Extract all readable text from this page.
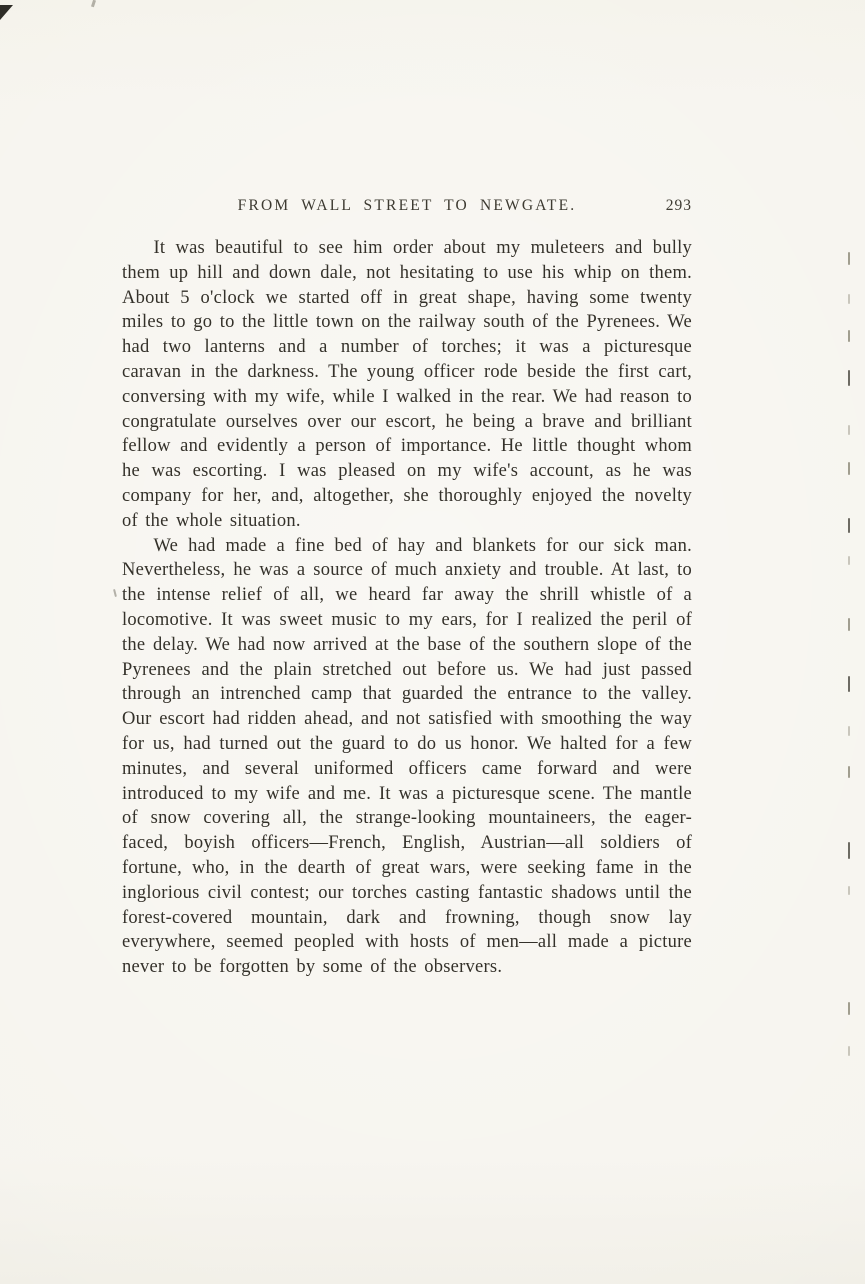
FROM WALL STREET TO NEWGATE.	293

It was beautiful to see him order about my muleteers and bully them up hill and down dale, not hesitating to use his whip on them. About 5 o'clock we started off in great shape, having some twenty miles to go to the little town on the railway south of the Pyrenees. We had two lanterns and a number of torches; it was a picturesque caravan in the darkness. The young officer rode beside the first cart, conversing with my wife, while I walked in the rear. We had reason to congratulate ourselves over our escort, he being a brave and brilliant fellow and evidently a person of importance. He little thought whom he was escorting. I was pleased on my wife's account, as he was company for her, and, altogether, she thoroughly enjoyed the novelty of the whole situation.

We had made a fine bed of hay and blankets for our sick man. Nevertheless, he was a source of much anxiety and trouble. At last, to the intense relief of all, we heard far away the shrill whistle of a locomotive. It was sweet music to my ears, for I realized the peril of the delay. We had now arrived at the base of the southern slope of the Pyrenees and the plain stretched out before us. We had just passed through an intrenched camp that guarded the entrance to the valley. Our escort had ridden ahead, and not satisfied with smoothing the way for us, had turned out the guard to do us honor. We halted for a few minutes, and several uniformed officers came forward and were introduced to my wife and me. It was a picturesque scene. The mantle of snow covering all, the strange-looking mountaineers, the eager-faced, boyish officers—French, English, Austrian—all soldiers of fortune, who, in the dearth of great wars, were seeking fame in the inglorious civil contest; our torches casting fantastic shadows until the forest-covered mountain, dark and frowning, though snow lay everywhere, seemed peopled with hosts of men—all made a picture never to be forgotten by some of the observers.
